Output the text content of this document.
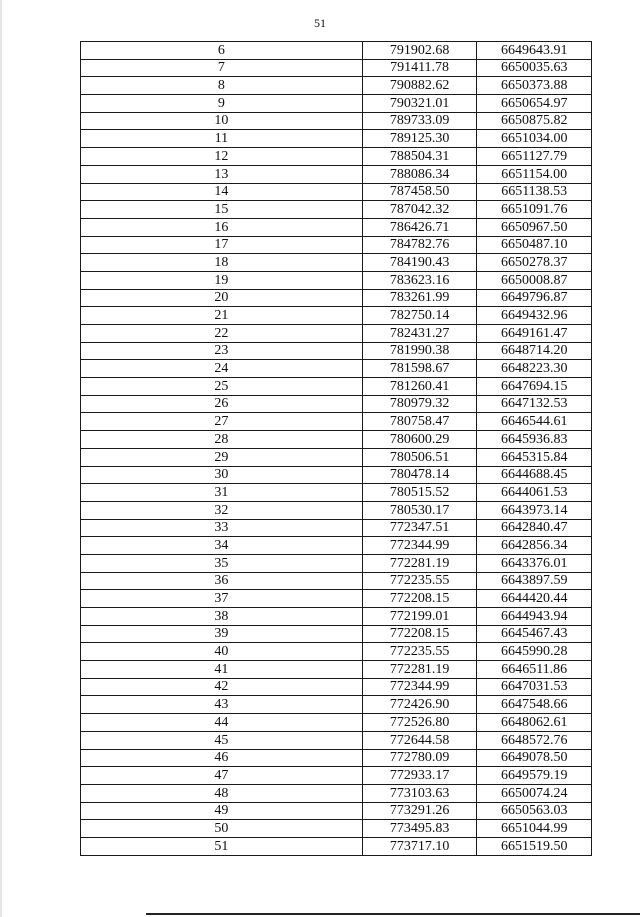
51
6	791902.68	6649643.91
7	791411.78	6650035.63
8	790882.62	6650373.88
9	790321.01	6650654.97
10	789733.09	6650875.82
11	789125.30	6651034.00
12	788504.31	6651127.79
13	788086.34	6651154.00
14	787458.50	6651138.53
15	787042.32	6651091.76
16	786426.71	6650967.50
17	784782.76	6650487.10
18	784190.43	6650278.37
19	783623.16	6650008.87
20	783261.99	6649796.87
21	782750.14	6649432.96
22	782431.27	6649161.47
23	781990.38	6648714.20
24	781598.67	6648223.30
25	781260.41	6647694.15
26	780979.32	6647132.53
27	780758.47	6646544.61
28	780600.29	6645936.83
29	780506.51	6645315.84
30	780478.14	6644688.45
31	780515.52	6644061.53
32	780530.17	6643973.14
33	772347.51	6642840.47
34	772344.99	6642856.34
35	772281.19	6643376.01
36	772235.55	6643897.59
37	772208.15	6644420.44
38	772199.01	6644943.94
39	772208.15	6645467.43
40	772235.55	6645990.28
41	772281.19	6646511.86
42	772344.99	6647031.53
43	772426.90	6647548.66
44	772526.80	6648062.61
45	772644.58	6648572.76
46	772780.09	6649078.50
47	772933.17	6649579.19
48	773103.63	6650074.24
49	773291.26	6650563.03
50	773495.83	6651044.99
51	773717.10	6651519.50
